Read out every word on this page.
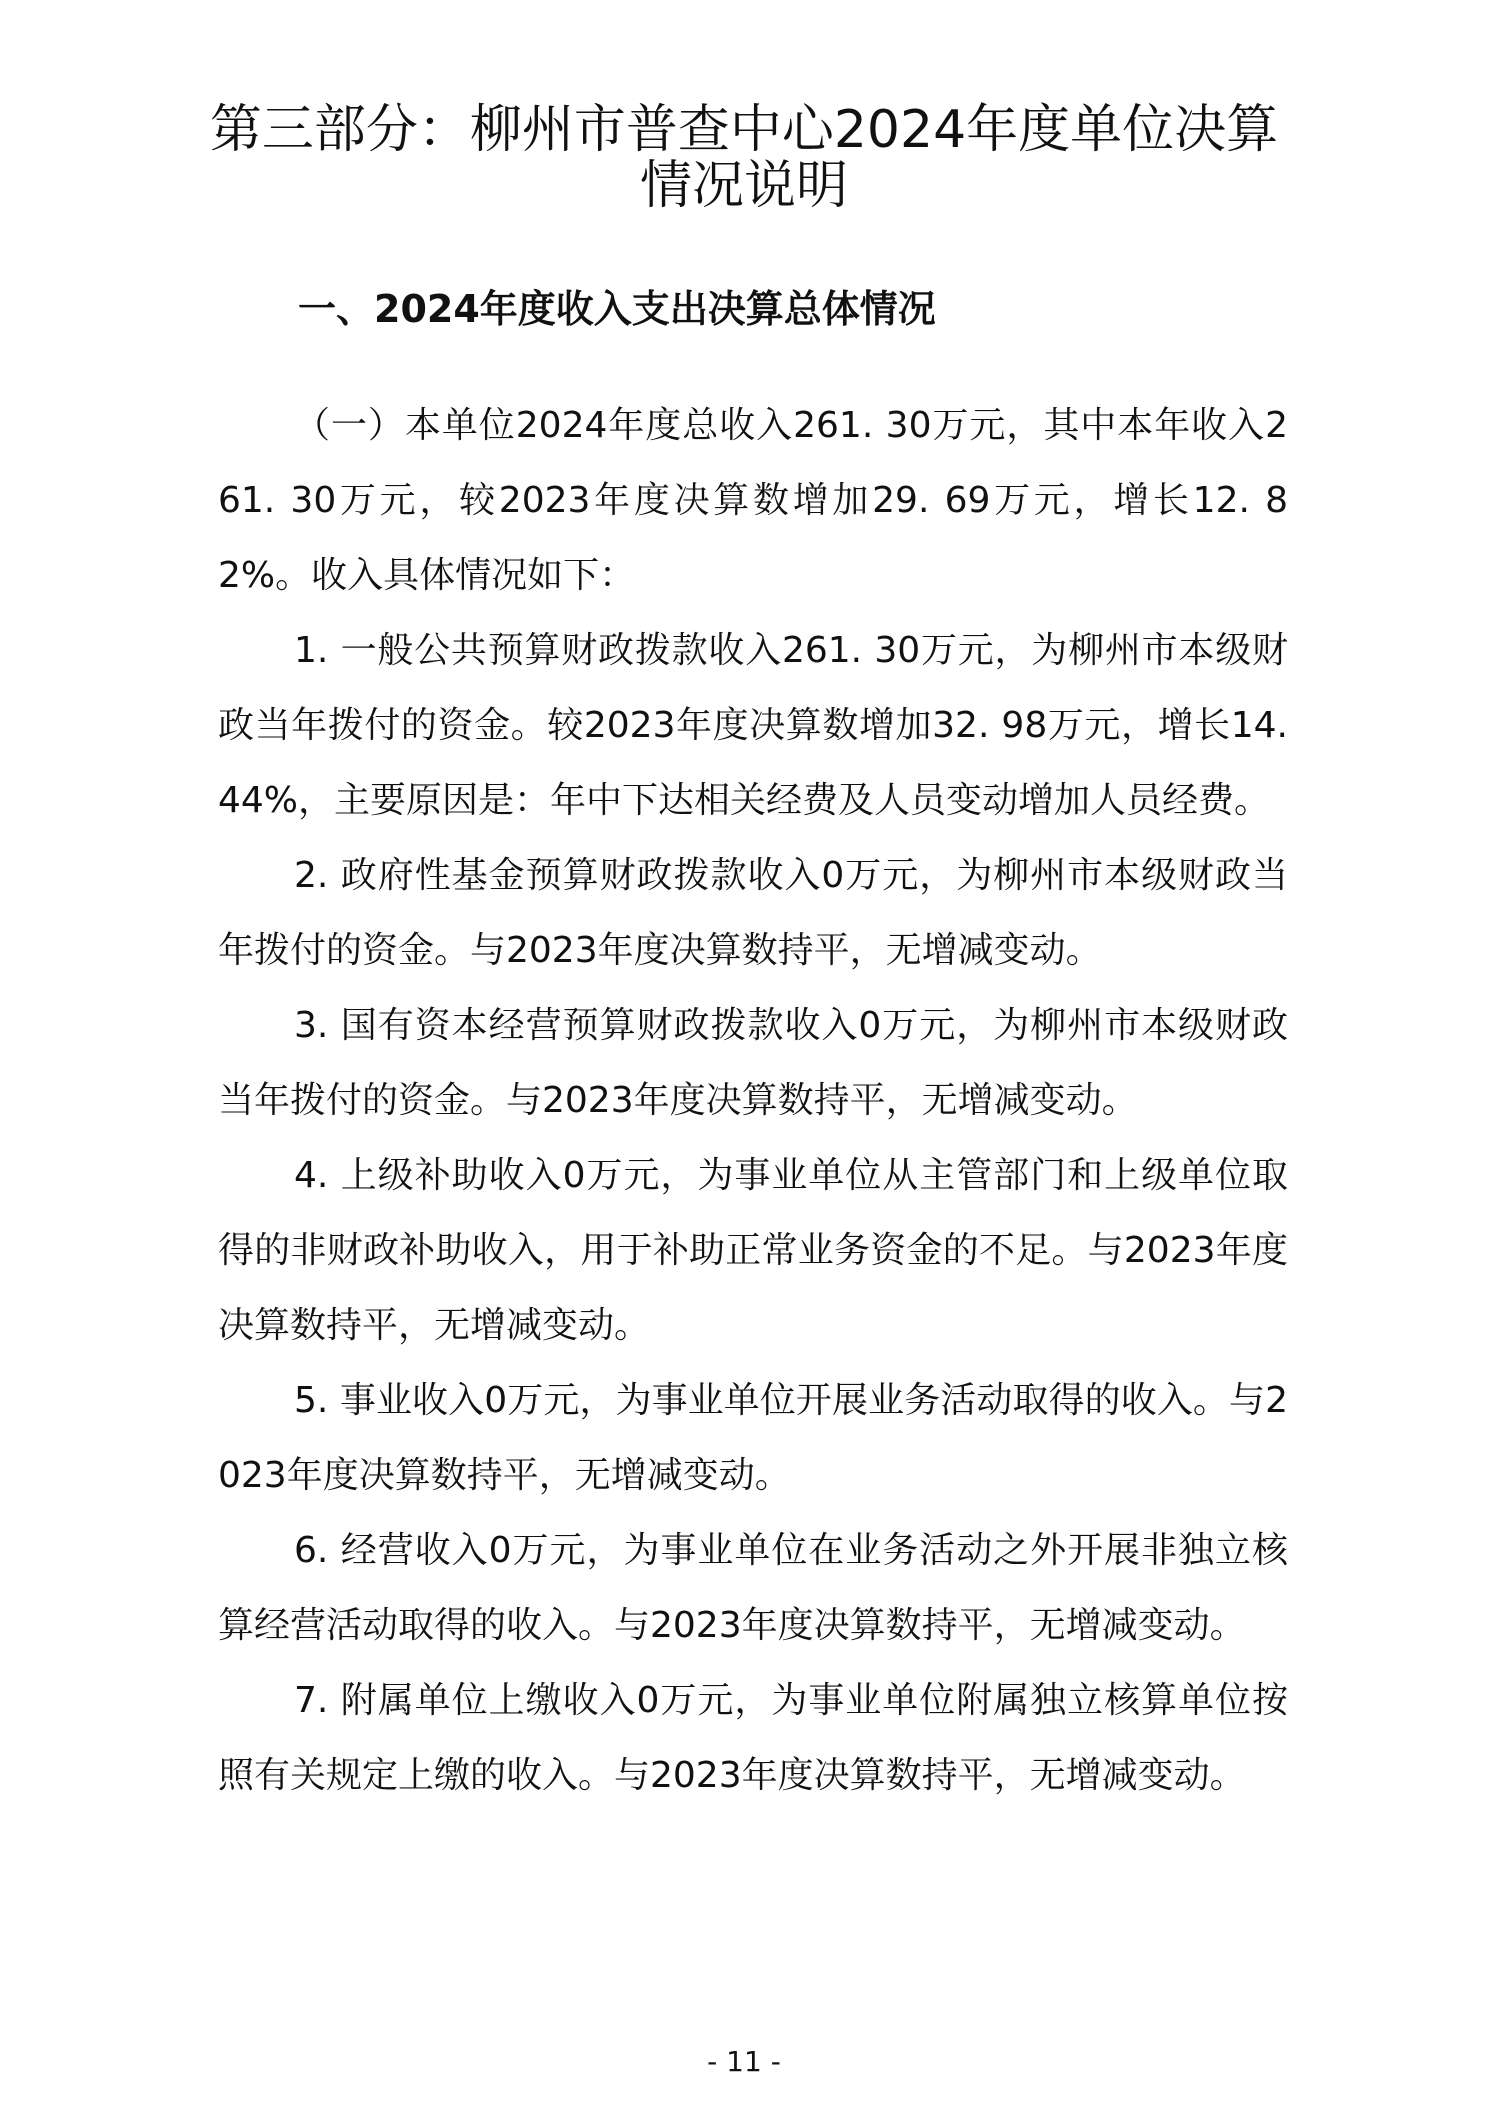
第三部分：柳州市普查中心2024年度单位决算情况说明
一、2024年度收入支出决算总体情况

（一）本单位2024年度总收入261. 30万元，其中本年收入261. 30万元，较2023年度决算数增加29. 69万元，增长12. 82%。收入具体情况如下：

1. 一般公共预算财政拨款收入261. 30万元，为柳州市本级财政当年拨付的资金。较2023年度决算数增加32. 98万元，增长14. 44%，主要原因是：年中下达相关经费及人员变动增加人员经费。

2. 政府性基金预算财政拨款收入0万元，为柳州市本级财政当年拨付的资金。与2023年度决算数持平，无增减变动。

3. 国有资本经营预算财政拨款收入0万元，为柳州市本级财政当年拨付的资金。与2023年度决算数持平，无增减变动。

4. 上级补助收入0万元，为事业单位从主管部门和上级单位取得的非财政补助收入，用于补助正常业务资金的不足。与2023年度决算数持平，无增减变动。

5. 事业收入0万元，为事业单位开展业务活动取得的收入。与2023年度决算数持平，无增减变动。

6. 经营收入0万元，为事业单位在业务活动之外开展非独立核算经营活动取得的收入。与2023年度决算数持平，无增减变动。

7. 附属单位上缴收入0万元，为事业单位附属独立核算单位按照有关规定上缴的收入。与2023年度决算数持平，无增减变动。

- 11 -
